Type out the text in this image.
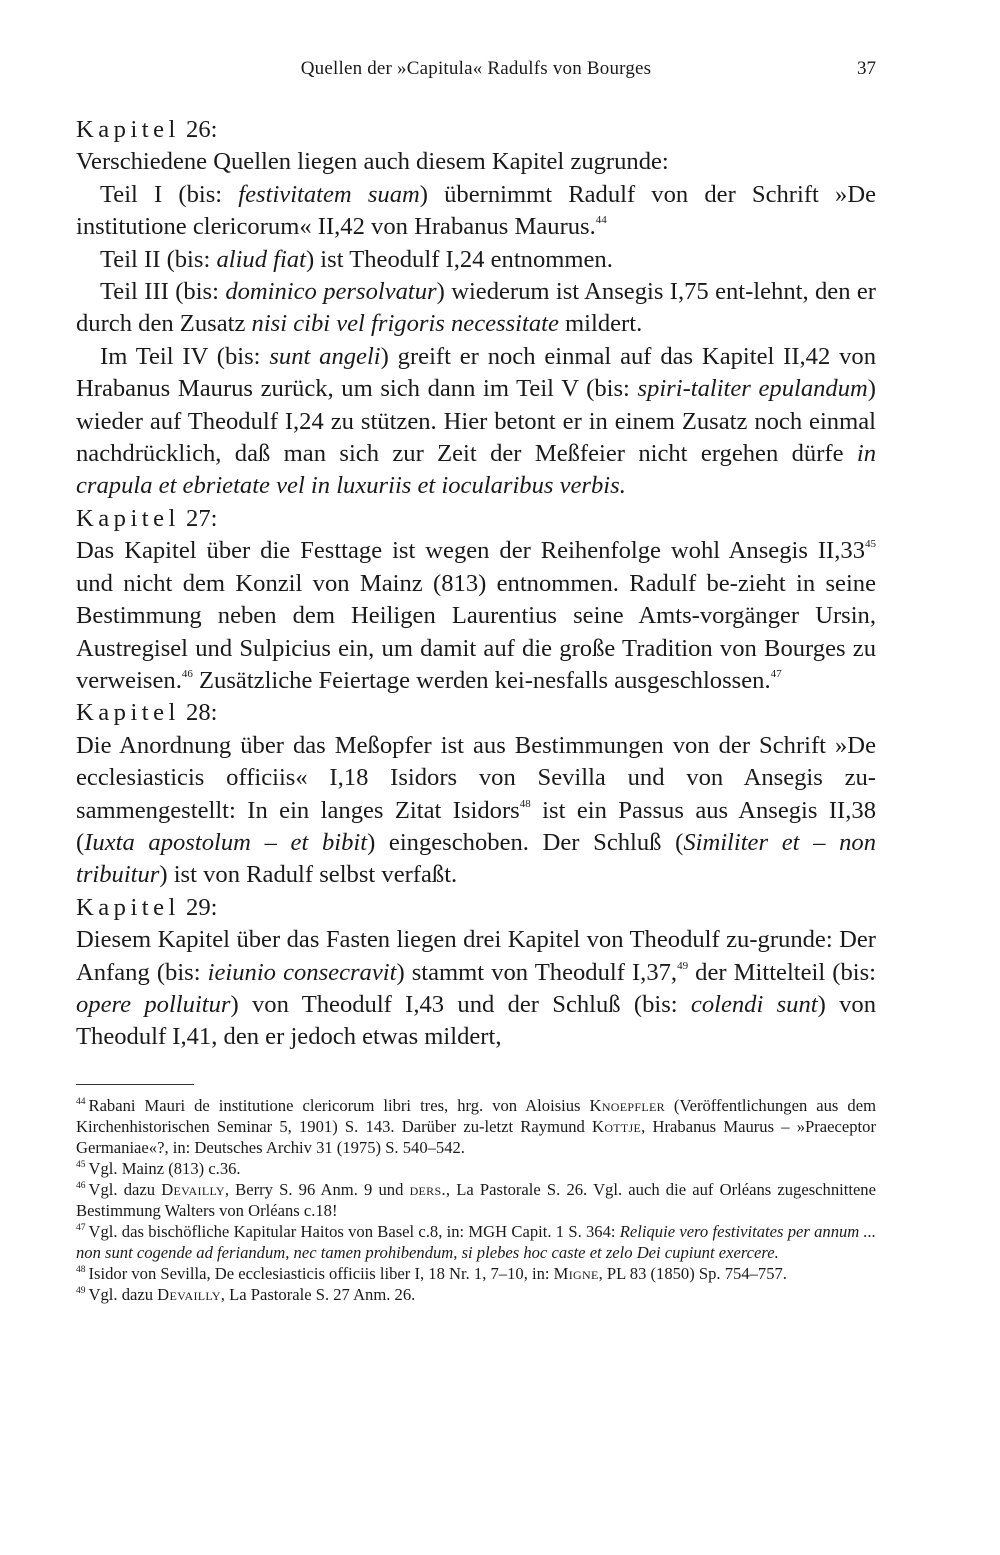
Quellen der »Capitula« Radulfs von Bourges	37

Kapitel 26:

Verschiedene Quellen liegen auch diesem Kapitel zugrunde:

Teil I (bis: festivitatem suam) übernimmt Radulf von der Schrift »De institutione clericorum« II,42 von Hrabanus Maurus.$^{44}$

Teil II (bis: aliud fiat) ist Theodulf I,24 entnommen.

Teil III (bis: dominico persolvatur) wiederum ist Ansegis I,75 ent-lehnt, den er durch den Zusatz nisi cibi vel frigoris necessitate mildert.

Im Teil IV (bis: sunt angeli) greift er noch einmal auf das Kapitel II,42 von Hrabanus Maurus zurück, um sich dann im Teil V (bis: spiri-taliter epulandum) wieder auf Theodulf I,24 zu stützen. Hier betont er in einem Zusatz noch einmal nachdrücklich, daß man sich zur Zeit der Meßfeier nicht ergehen dürfe in crapula et ebrietate vel in luxuriis et iocularibus verbis.

Kapitel 27:

Das Kapitel über die Festtage ist wegen der Reihenfolge wohl Ansegis $II,33^{45}$ und nicht dem Konzil von Mainz (813) entnommen. Radulf be-zieht in seine Bestimmung neben dem Heiligen Laurentius seine Amts-vorgänger Ursin, Austregisel und Sulpicius ein, um damit auf die große Tradition von Bourges zu verweisen.$^{46}$ Zusätzliche Feiertage werden kei-nesfalls ausgeschlossen.$^{47}$

Kapitel 28:

Die Anordnung über das Meßopfer ist aus Bestimmungen von der Schrift »De ecclesiasticis officiis« I,18 Isidors von Sevilla und von Ansegis zu-sammengestellt: In ein langes Zitat Isidors$^{48}$ ist ein Passus aus Ansegis II,38 (Iuxta apostolum – et bibit) eingeschoben. Der Schluß (Similiter et – non tribuitur) ist von Radulf selbst verfaßt.

Kapitel 29:

Diesem Kapitel über das Fasten liegen drei Kapitel von Theodulf zu-grunde: Der Anfang (bis: ieiunio consecravit) stammt von Theodulf I,37,49 der Mittelteil (bis: opere polluitur) von Theodulf I,43 und der Schluß (bis: colendi sunt) von Theodulf I,41, den er jedoch etwas mildert,

$^{44}$ Rabani Mauri de institutione clericorum libri tres, hrg. von Aloisius Knoepfler (Veröffentlichungen aus dem Kirchenhistorischen Seminar 5, 1901) S. 143. Darüber zu-letzt Raymund Kottje, Hrabanus Maurus – »Praeceptor Germaniae«?, in: Deutsches Archiv 31 (1975) S. 540–542.

$^{45}$ Vgl. Mainz (813) c.36.

$^{46}$ Vgl. dazu Devailly, Berry S. 96 Anm. 9 und ders., La Pastorale S. 26. Vgl. auch die auf Orléans zugeschnittene Bestimmung Walters von Orléans c.18!

$^{47}$ Vgl. das bischöfliche Kapitular Haitos von Basel c.8, in: MGH Capit. 1 S. 364: Reliquie vero festivitates per annum ... non sunt cogende ad feriandum, nec tamen prohibendum, si plebes hoc caste et zelo Dei cupiunt exercere.

$^{48}$ Isidor von Sevilla, De ecclesiasticis officiis liber I, 18 Nr. 1, 7–10, in: Migne, PL 83 (1850) Sp. 754–757.

$^{49}$ Vgl. dazu Devailly, La Pastorale S. 27 Anm. 26.
